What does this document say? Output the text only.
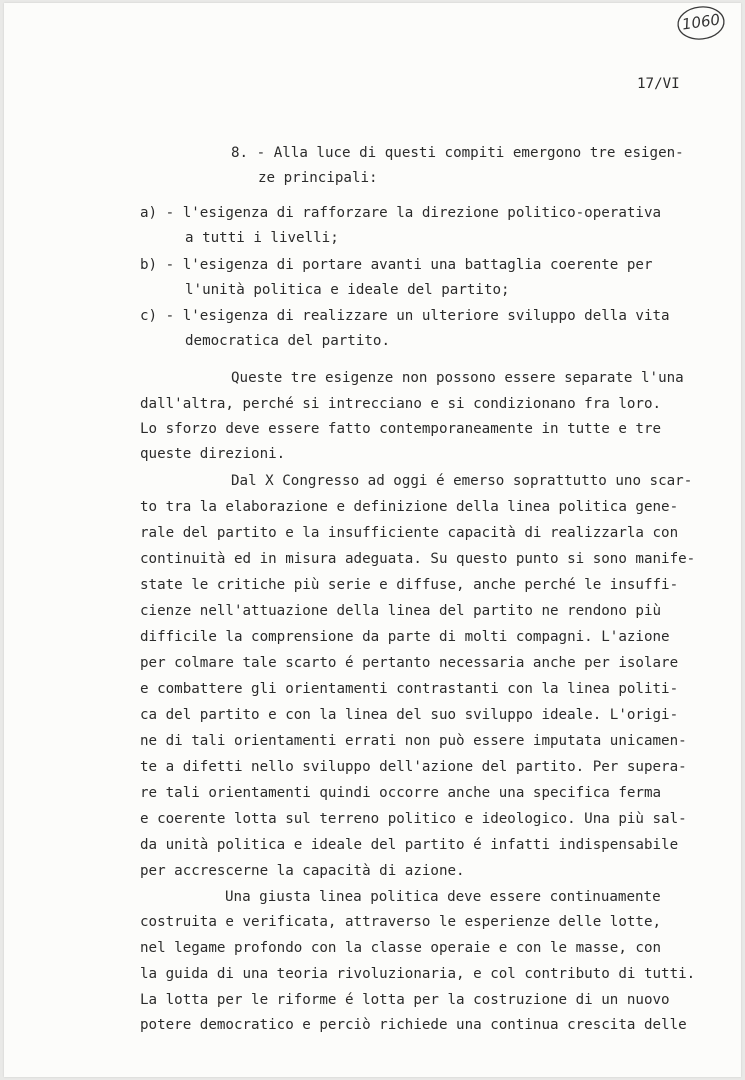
1060
17/VI
8. - Alla luce di questi compiti emergono tre esigen-
ze principali:
a) - l'esigenza di rafforzare la direzione politico-operativa
a tutti i livelli;
b) - l'esigenza di portare avanti una battaglia coerente per
l'unità politica e ideale del partito;
c) - l'esigenza di realizzare un ulteriore sviluppo della vita
democratica del partito.
Queste tre esigenze non possono essere separate l'una
dall'altra, perché si intrecciano e si condizionano fra loro.
Lo sforzo deve essere fatto contemporaneamente in tutte e tre
queste direzioni.
Dal X Congresso ad oggi é emerso soprattutto uno scar-
to tra la elaborazione e definizione della linea politica gene-
rale del partito e la insufficiente capacità di realizzarla con
continuità ed in misura adeguata. Su questo punto si sono manife-
state le critiche più serie e diffuse, anche perché le insuffi-
cienze nell'attuazione della linea del partito ne rendono più
difficile la comprensione da parte di molti compagni. L'azione
per colmare tale scarto é pertanto necessaria anche per isolare
e combattere gli orientamenti contrastanti con la linea politi-
ca del partito e con la linea del suo sviluppo ideale. L'origi-
ne di tali orientamenti errati non può essere imputata unicamen-
te a difetti nello sviluppo dell'azione del partito. Per supera-
re tali orientamenti quindi occorre anche una specifica ferma
e coerente lotta sul terreno politico e ideologico. Una più sal-
da unità politica e ideale del partito é infatti indispensabile
per accrescerne la capacità di azione.
Una giusta linea politica deve essere continuamente
costruita e verificata, attraverso le esperienze delle lotte,
nel legame profondo con la classe operaie e con le masse, con
la guida di una teoria rivoluzionaria, e col contributo di tutti.
La lotta per le riforme é lotta per la costruzione di un nuovo
potere democratico e perciò richiede una continua crescita delle
